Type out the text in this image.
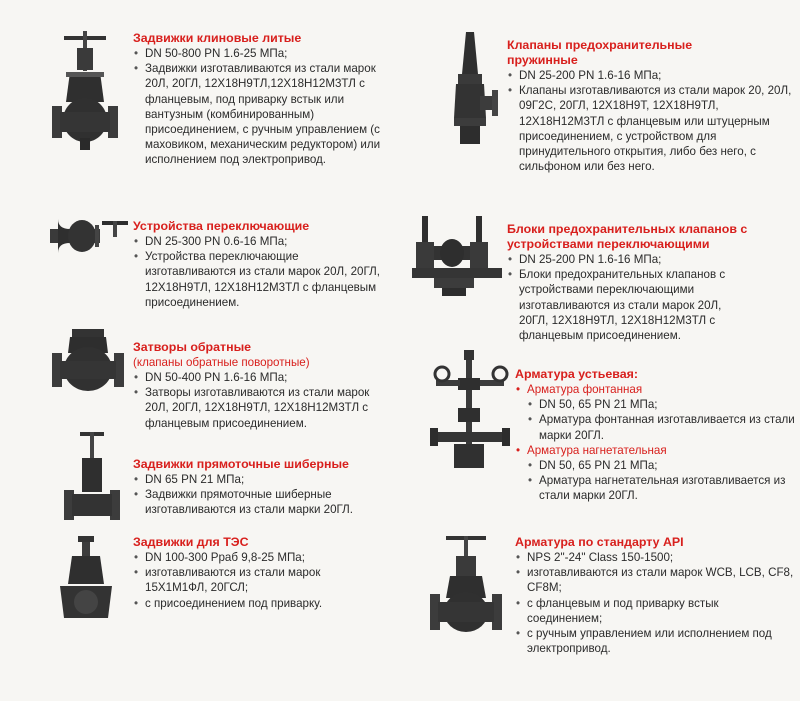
Задвижки клиновые литые
• DN 50-800 PN 1.6-25 МПа;
• Задвижки изготавливаются из стали марок 20Л, 20ГЛ, 12Х18Н9ТЛ,12Х18Н12М3ТЛ с фланцевым, под приварку встык или вантузным (комбинированным) присоединением, с ручным управлением (с маховиком, механическим редуктором) или исполнением под электропривод.
Устройства переключающие
• DN 25-300 PN 0.6-16 МПа;
• Устройства переключающие изготавливаются из стали марок 20Л, 20ГЛ, 12Х18Н9ТЛ, 12Х18Н12М3ТЛ с фланцевым присоединением.
Затворы обратные
(клапаны обратные поворотные)
• DN 50-400 PN 1.6-16 МПа;
• Затворы изготавливаются из стали марок 20Л, 20ГЛ, 12Х18Н9ТЛ, 12Х18Н12М3ТЛ с фланцевым присоединением.
Задвижки прямоточные шиберные
• DN 65 PN 21 МПа;
• Задвижки прямоточные шиберные изготавливаются из стали марки 20ГЛ.
Задвижки для ТЭС
• DN 100-300 Рраб 9,8-25 МПа;
• изготавливаются из стали марок 15Х1М1ФЛ, 20ГСЛ;
• с присоединением под приварку.
Клапаны предохранительные пружинные
• DN 25-200 PN 1.6-16 МПа;
• Клапаны изготавливаются из стали марок 20, 20Л, 09Г2С, 20ГЛ, 12Х18Н9Т, 12Х18Н9ТЛ, 12Х18Н12М3ТЛ с фланцевым или штуцерным присоединением, с устройством для принудительного открытия, либо без него, с сильфоном или без него.
Блоки предохранительных клапанов с устройствами переключающими
• DN 25-200 PN 1.6-16 МПа;
• Блоки предохранительных клапанов с устройствами переключающими изготавливаются из стали марок 20Л, 20ГЛ, 12Х18Н9ТЛ, 12Х18Н12М3ТЛ с фланцевым присоединением.
Арматура устьевая:
• Арматура фонтанная
• DN 50, 65 PN 21 МПа;
• Арматура фонтанная изготавливается из стали марки 20ГЛ.
• Арматура нагнетательная
• DN 50, 65 PN 21 МПа;
• Арматура нагнетательная изготавливается из стали марки 20ГЛ.
Арматура по стандарту API
• NPS 2"-24" Class 150-1500;
• изготавливаются из стали марок WCB, LCB, CF8, CF8M;
• с фланцевым и под приварку встык соединением;
• с ручным управлением или исполнением под электропривод.
